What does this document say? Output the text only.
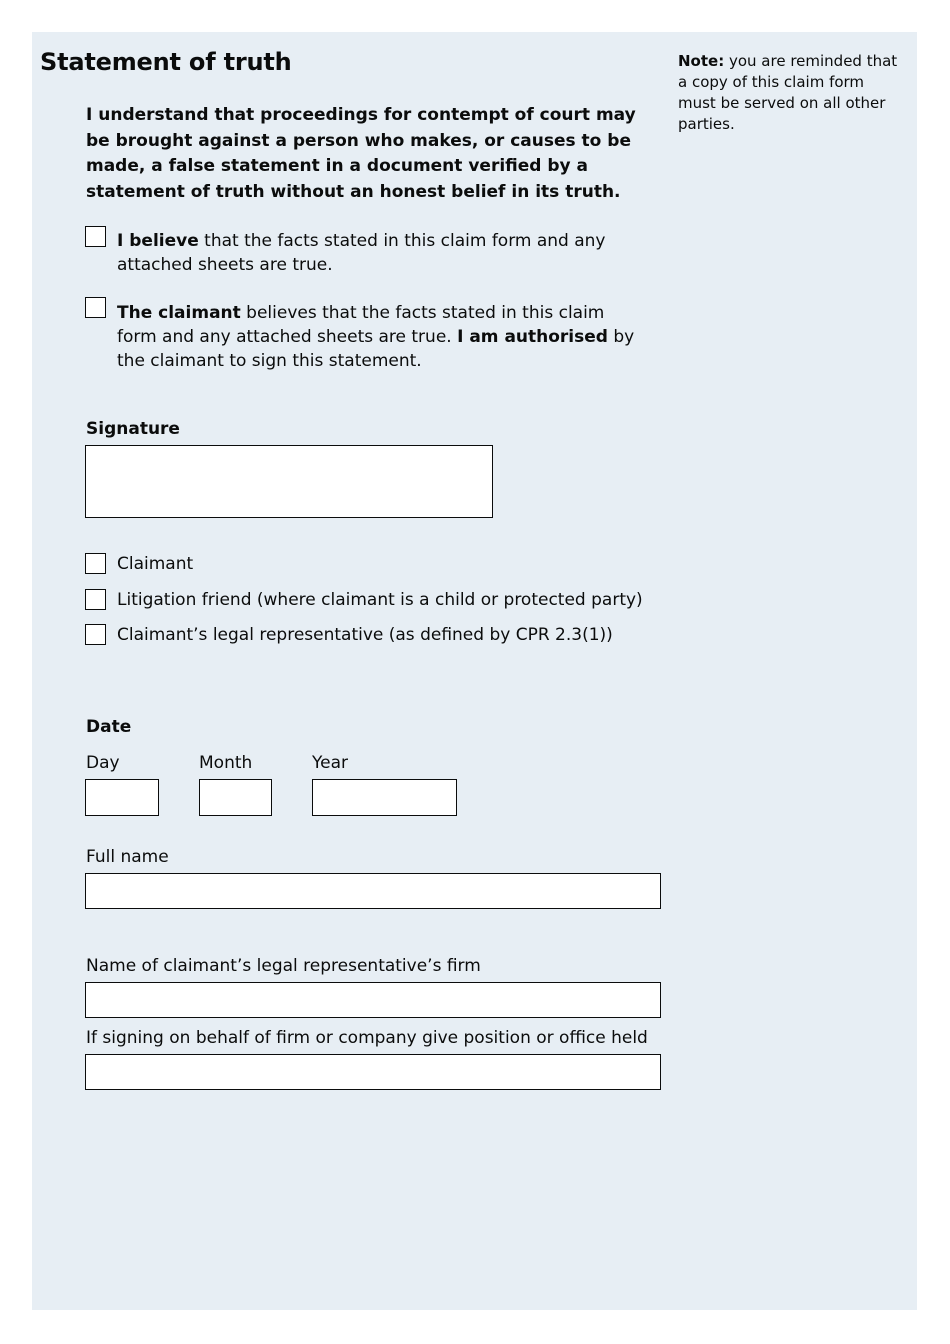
Statement of truth	Note: you are reminded that a copy of this claim form must be served on all other parties.
I understand that proceedings for contempt of court may be brought against a person who makes, or causes to be made, a false statement in a document verified by a statement of truth without an honest belief in its truth.
I believe that the facts stated in this claim form and any attached sheets are true.
The claimant believes that the facts stated in this claim form and any attached sheets are true. I am authorised by the claimant to sign this statement.
Signature
Claimant
Litigation friend (where claimant is a child or protected party)
Claimant’s legal representative (as defined by CPR 2.3(1))
Date
Day	Month	Year
Full name
Name of claimant’s legal representative’s firm
If signing on behalf of firm or company give position or office held
